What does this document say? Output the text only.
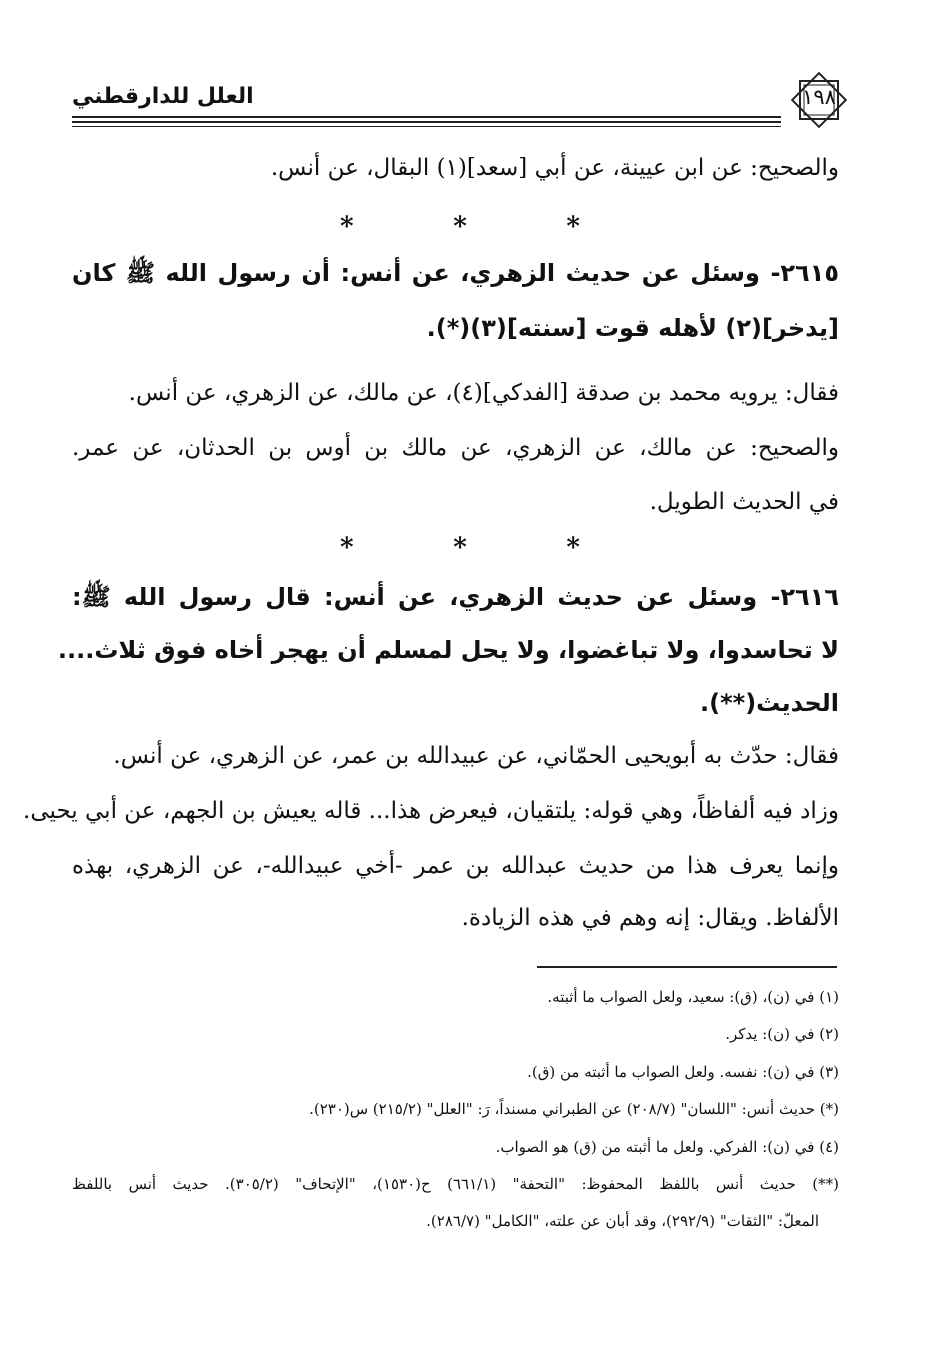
العلل للدارقطني	١٩٨
والصحيح: عن ابن عيينة، عن أبي [سعد](١) البقال، عن أنس.
*	*	*
٢٦١٥- وسئل عن حديث الزهري، عن أنس: أن رسول الله ﷺ كان
[يدخر](٢) لأهله قوت [سنته](٣)(*).
فقال: يرويه محمد بن صدقة [الفدكي](٤)، عن مالك، عن الزهري، عن أنس.
والصحيح: عن مالك، عن الزهري، عن مالك بن أوس بن الحدثان، عن عمر.
في الحديث الطويل.
*	*	*
٢٦١٦- وسئل عن حديث الزهري، عن أنس: قال رسول الله ﷺ:
لا تحاسدوا، ولا تباغضوا، ولا يحل لمسلم أن يهجر أخاه فوق ثلاث....
الحديث(**).
فقال: حدّث به أبويحيى الحمّاني، عن عبيدالله بن عمر، عن الزهري، عن أنس.
وزاد فيه ألفاظاً، وهي قوله: يلتقيان، فيعرض هذا... قاله يعيش بن الجهم، عن أبي يحيى.
وإنما يعرف هذا من حديث عبدالله بن عمر -أخي عبيدالله-، عن الزهري، بهذه
الألفاظ. ويقال: إنه وهم في هذه الزيادة.
(١) في (ن)، (ق): سعيد، ولعل الصواب ما أثبته.
(٢) في (ن): يدكر.
(٣) في (ن): نفسه. ولعل الصواب ما أثبته من (ق).
(*) حديث أنس: "اللسان" (٢٠٨/٧) عن الطبراني مسنداً، رَ: "العلل" (٢١٥/٢) س(٢٣٠).
(٤) في (ن): الفركي. ولعل ما أثبته من (ق) هو الصواب.
(**) حديث أنس باللفظ المحفوظ: "التحفة" (٦٦١/١) ح(١٥٣٠)، "الإتحاف" (٣٠٥/٢). حديث أنس باللفظ
المعلّ: "الثقات" (٢٩٢/٩)، وقد أبان عن علته، "الكامل" (٢٨٦/٧).
